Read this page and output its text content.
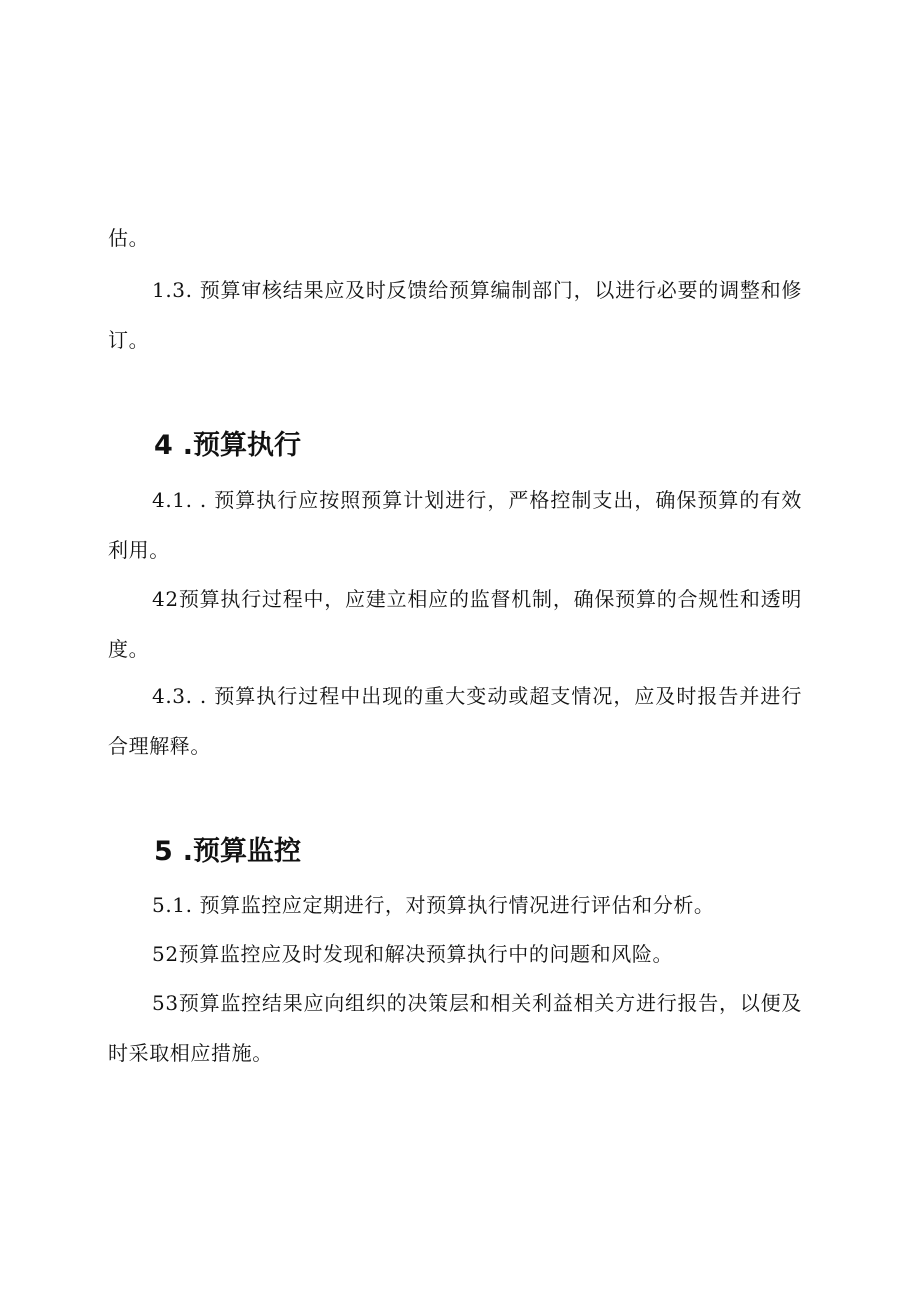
估。

1.3. 预算审核结果应及时反馈给预算编制部门，以进行必要的调整和修订。

4 .预算执行

4.1. . 预算执行应按照预算计划进行，严格控制支出，确保预算的有效利用。

42预算执行过程中，应建立相应的监督机制，确保预算的合规性和透明度。

4.3. . 预算执行过程中出现的重大变动或超支情况，应及时报告并进行合理解释。

5 .预算监控

5.1. 预算监控应定期进行，对预算执行情况进行评估和分析。

52预算监控应及时发现和解决预算执行中的问题和风险。

53预算监控结果应向组织的决策层和相关利益相关方进行报告，以便及时采取相应措施。
